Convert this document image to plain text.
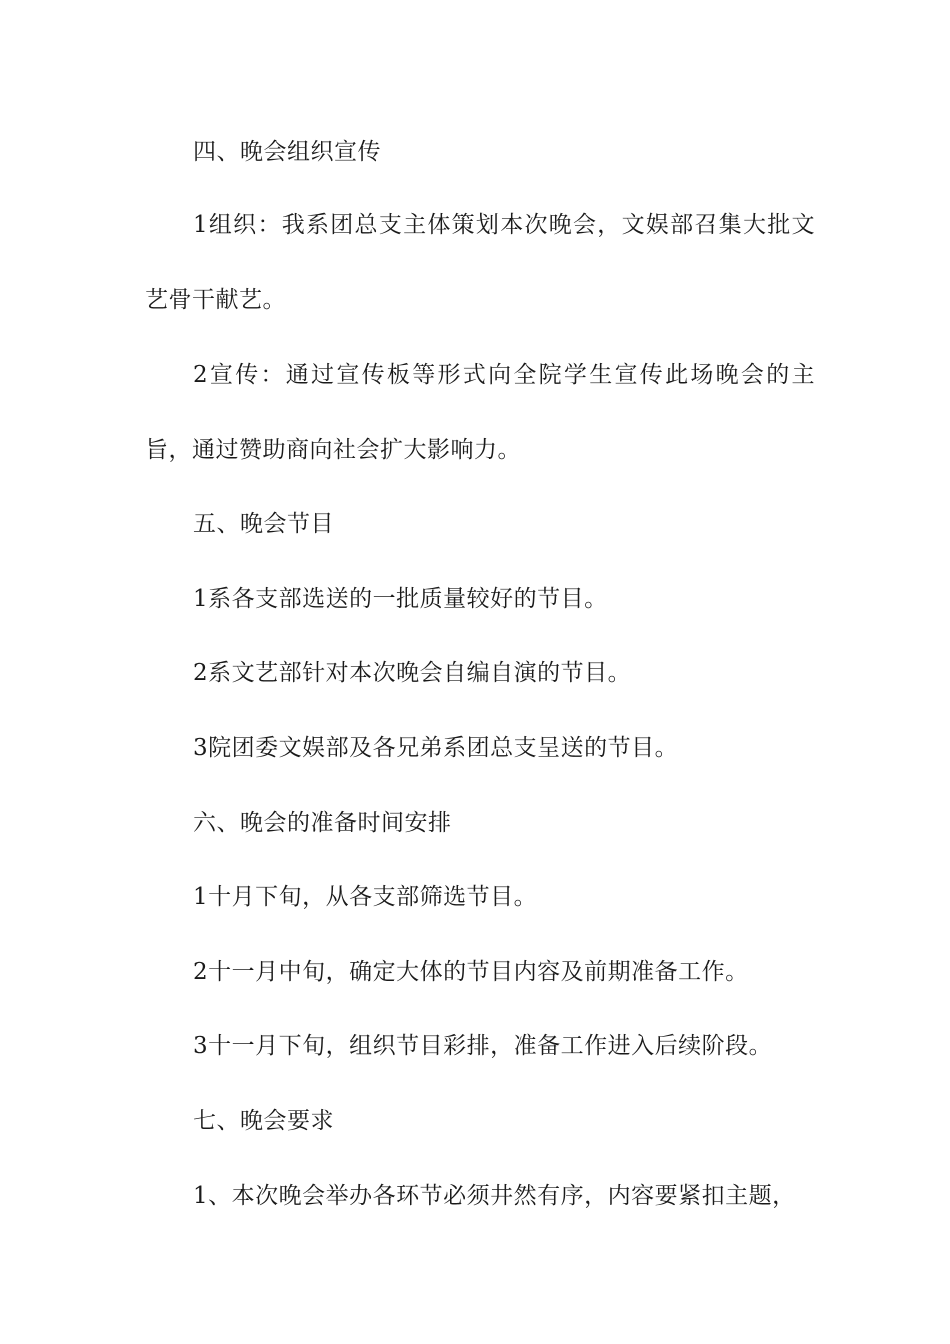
四、晚会组织宣传

1组织：我系团总支主体策划本次晚会，文娱部召集大批文艺骨干献艺。

2宣传：通过宣传板等形式向全院学生宣传此场晚会的主旨，通过赞助商向社会扩大影响力。

五、晚会节目

1系各支部选送的一批质量较好的节目。

2系文艺部针对本次晚会自编自演的节目。

3院团委文娱部及各兄弟系团总支呈送的节目。

六、晚会的准备时间安排

1十月下旬，从各支部筛选节目。

2十一月中旬，确定大体的节目内容及前期准备工作。

3十一月下旬，组织节目彩排，准备工作进入后续阶段。

七、晚会要求

1、本次晚会举办各环节必须井然有序，内容要紧扣主题，
